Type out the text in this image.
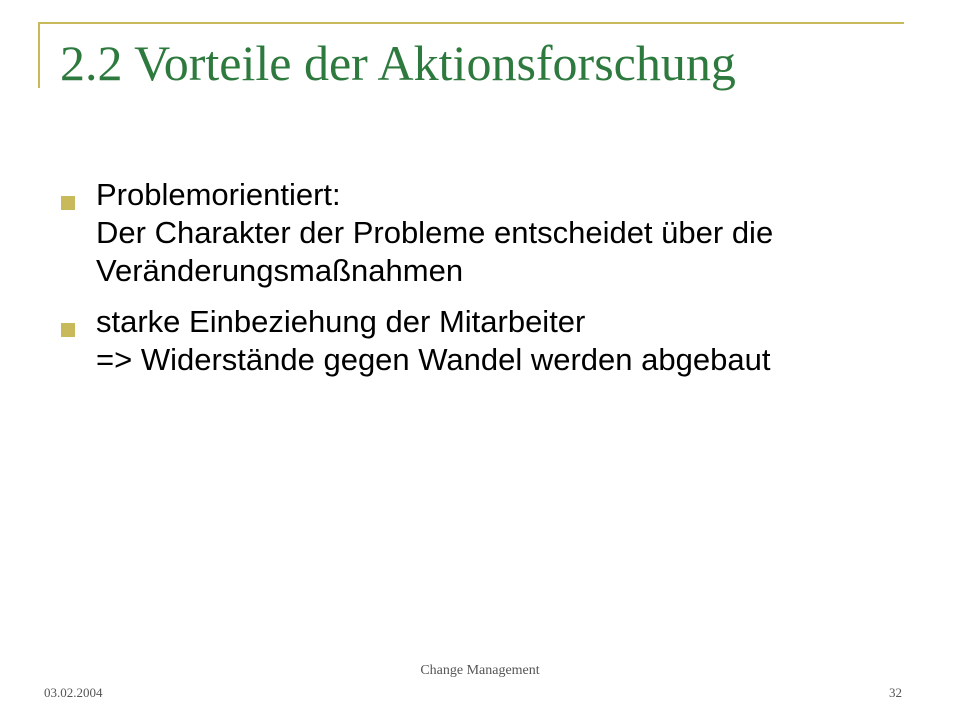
2.2 Vorteile der Aktionsforschung
Problemorientiert:
Der Charakter der Probleme entscheidet über die Veränderungsmaßnahmen
starke Einbeziehung der Mitarbeiter
=> Widerstände gegen Wandel werden abgebaut
Change Management
03.02.2004	32
